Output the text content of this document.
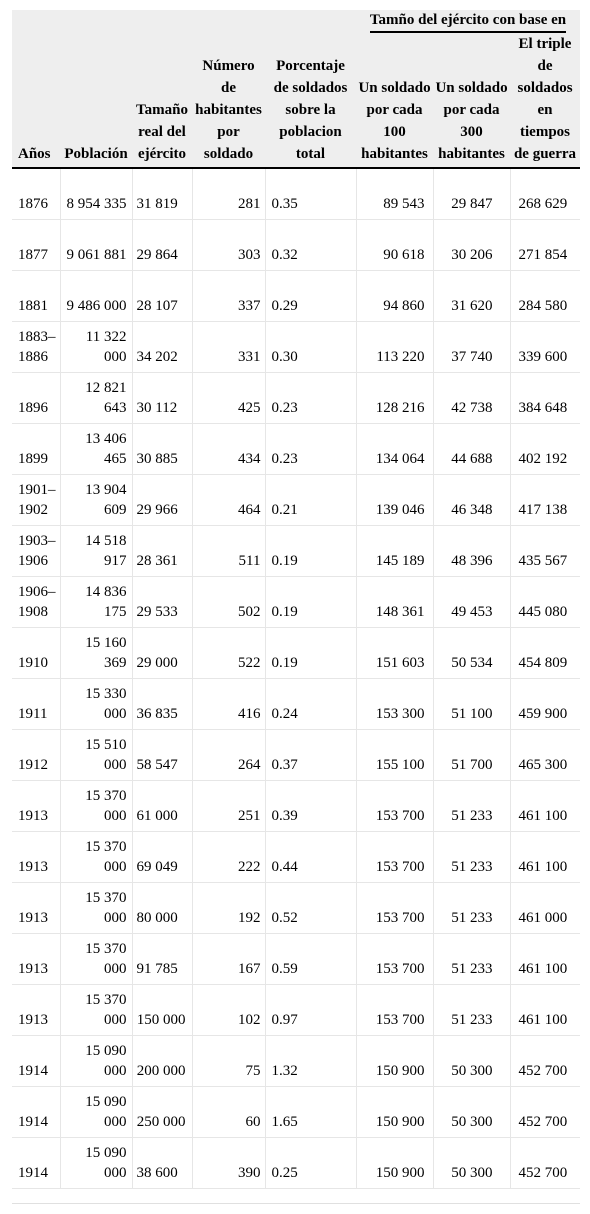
					Tamño del ejército con base en		
Años	Población	Tamaño real del ejército	Número de habitantes por soldado	Porcentaje de soldados sobre la poblacion total	Un soldado por cada 100 habitantes	Un soldado por cada 300 habitantes	El triple de soldados en tiempos de guerra
1876	8 954 335	31 819	281	0.35	89 543	29 847	268 629
1877	9 061 881	29 864	303	0.32	90 618	30 206	271 854
1881	9 486 000	28 107	337	0.29	94 860	31 620	284 580
1883–1886	11 322 000	34 202	331	0.30	113 220	37 740	339 600
1896	12 821 643	30 112	425	0.23	128 216	42 738	384 648
1899	13 406 465	30 885	434	0.23	134 064	44 688	402 192
1901–1902	13 904 609	29 966	464	0.21	139 046	46 348	417 138
1903–1906	14 518 917	28 361	511	0.19	145 189	48 396	435 567
1906–1908	14 836 175	29 533	502	0.19	148 361	49 453	445 080
1910	15 160 369	29 000	522	0.19	151 603	50 534	454 809
1911	15 330 000	36 835	416	0.24	153 300	51 100	459 900
1912	15 510 000	58 547	264	0.37	155 100	51 700	465 300
1913	15 370 000	61 000	251	0.39	153 700	51 233	461 100
1913	15 370 000	69 049	222	0.44	153 700	51 233	461 100
1913	15 370 000	80 000	192	0.52	153 700	51 233	461 000
1913	15 370 000	91 785	167	0.59	153 700	51 233	461 100
1913	15 370 000	150 000	102	0.97	153 700	51 233	461 100
1914	15 090 000	200 000	75	1.32	150 900	50 300	452 700
1914	15 090 000	250 000	60	1.65	150 900	50 300	452 700
1914	15 090 000	38 600	390	0.25	150 900	50 300	452 700
